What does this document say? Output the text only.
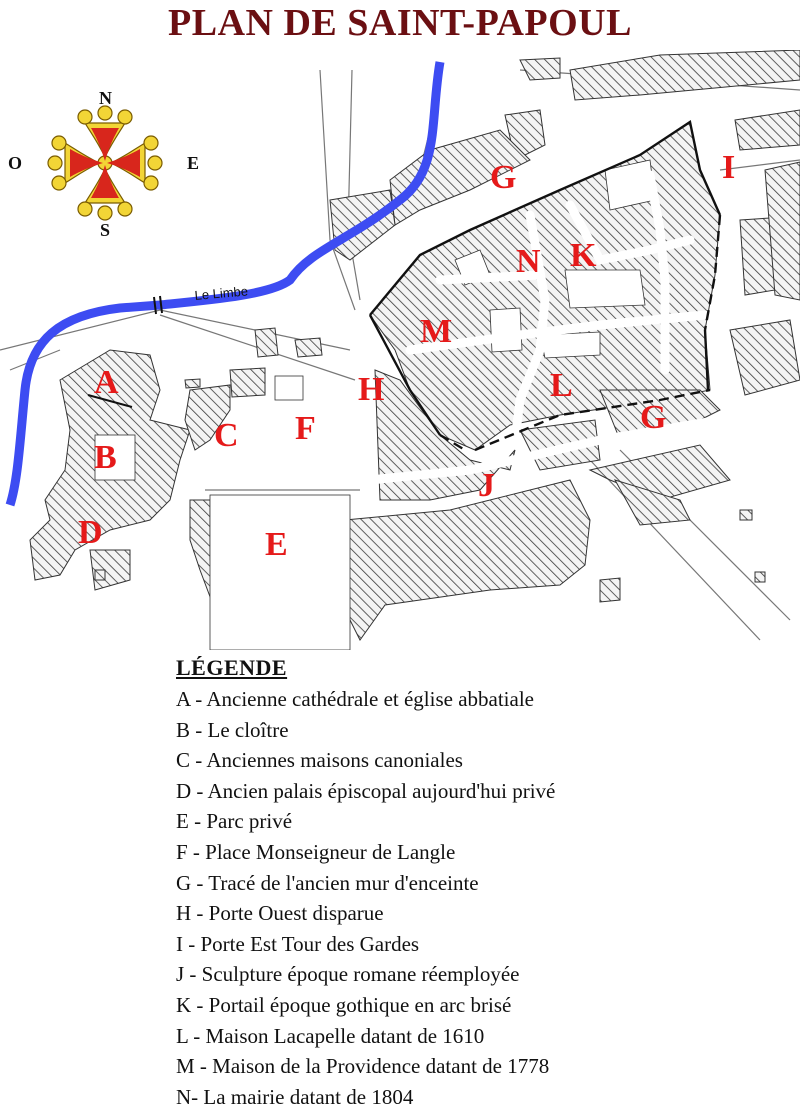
PLAN DE SAINT-PAPOUL
Le Limbe
N
S
O	E
A
B
C
D	E
F
G
G
H
I
J
K
L
M
N
LÉGENDE
A - Ancienne cathédrale et église abbatiale
B - Le cloître
C - Anciennes maisons canoniales
D - Ancien palais épiscopal aujourd'hui privé
E - Parc privé
F - Place Monseigneur de Langle
G - Tracé de l'ancien mur d'enceinte
H - Porte Ouest disparue
I - Porte Est Tour des Gardes
J - Sculpture époque romane réemployée
K - Portail époque gothique en arc brisé
L - Maison Lacapelle datant de 1610
M - Maison de la Providence datant de 1778
N- La mairie datant de 1804
